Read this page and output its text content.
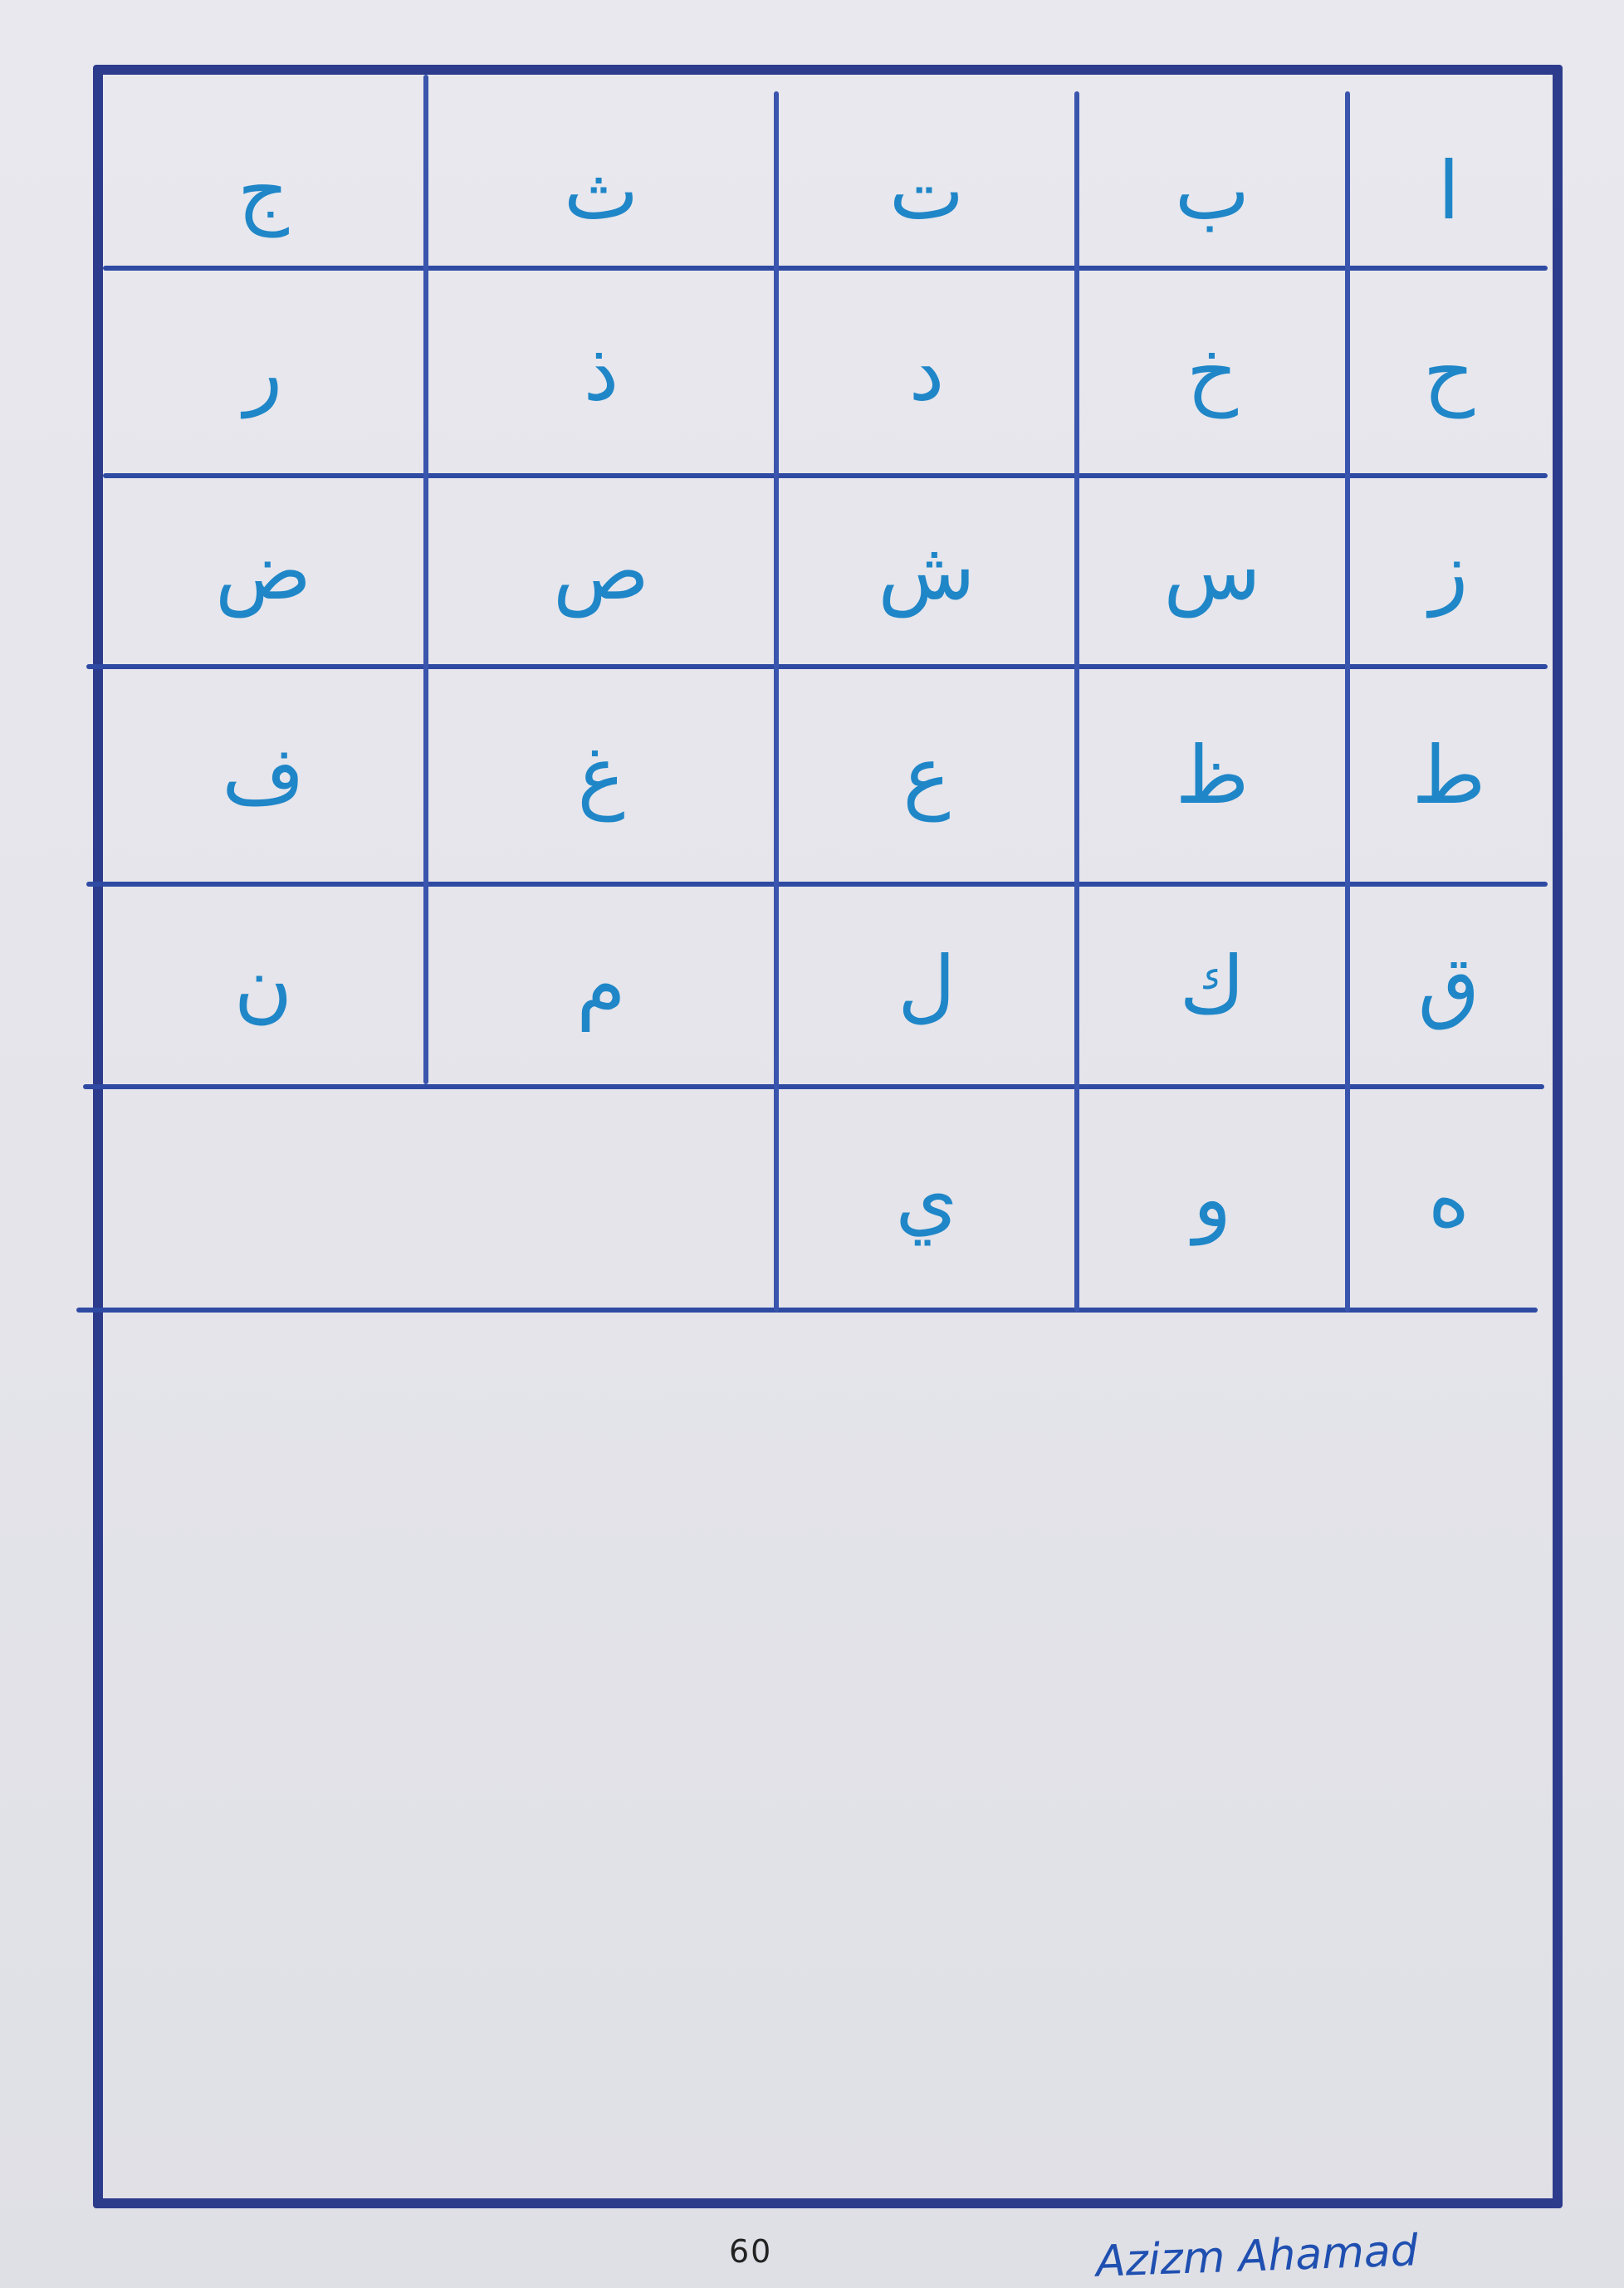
ا
ب
ت
ث
ج
ح
خ
د
ذ
ر
ز
س
ش
ص
ض
ط
ظ
ع
غ
ف
ق
ك
ل
م
ن
ه
و
ي
60	Azizm Ahamad
